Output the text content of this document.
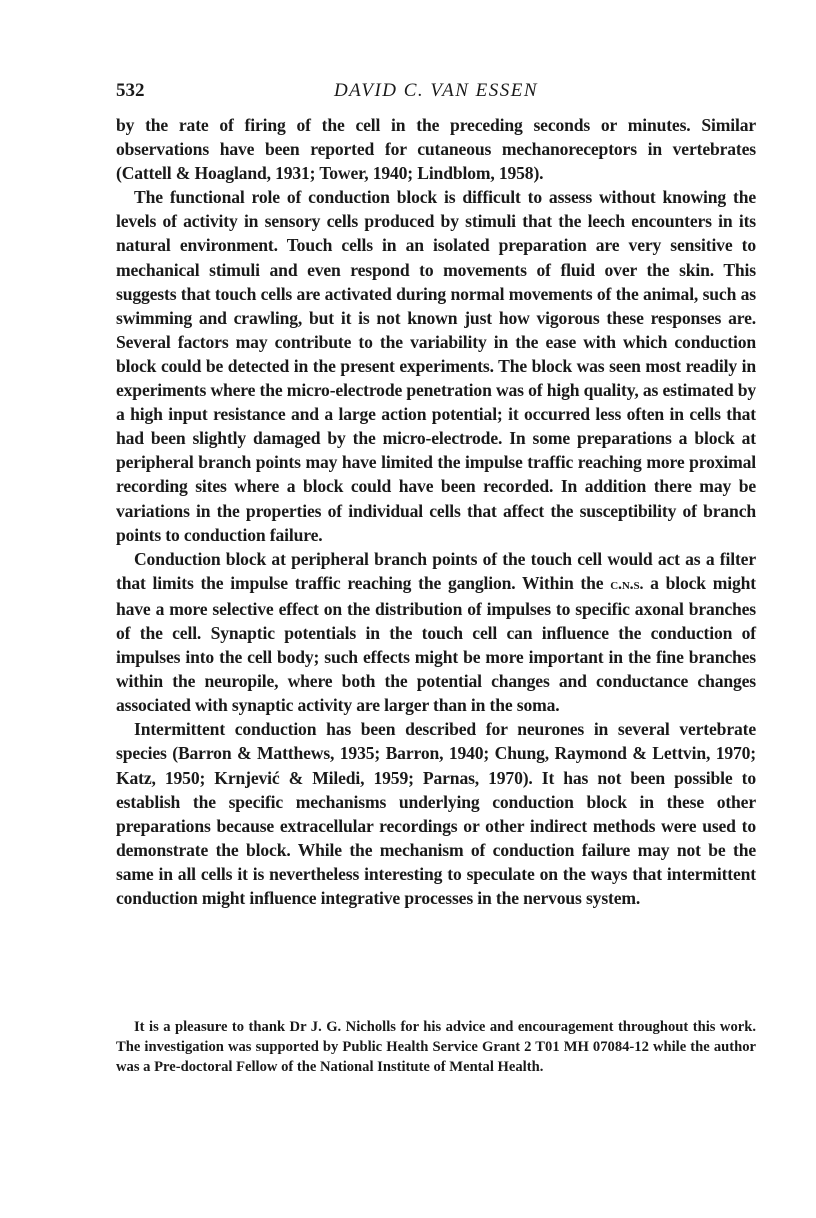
532	DAVID C. VAN ESSEN

by the rate of firing of the cell in the preceding seconds or minutes. Similar observations have been reported for cutaneous mechanoreceptors in vertebrates (Cattell & Hoagland, 1931; Tower, 1940; Lindblom, 1958).

The functional role of conduction block is difficult to assess without knowing the levels of activity in sensory cells produced by stimuli that the leech encounters in its natural environment. Touch cells in an isolated preparation are very sensitive to mechanical stimuli and even respond to movements of fluid over the skin. This suggests that touch cells are activated during normal movements of the animal, such as swimming and crawling, but it is not known just how vigorous these responses are. Several factors may contribute to the variability in the ease with which conduction block could be detected in the present experiments. The block was seen most readily in experiments where the micro-electrode penetration was of high quality, as estimated by a high input resistance and a large action potential; it occurred less often in cells that had been slightly damaged by the micro-electrode. In some preparations a block at peripheral branch points may have limited the impulse traffic reaching more proximal recording sites where a block could have been recorded. In addition there may be variations in the properties of individual cells that affect the susceptibility of branch points to conduction failure.

Conduction block at peripheral branch points of the touch cell would act as a filter that limits the impulse traffic reaching the ganglion. Within the c.n.s. a block might have a more selective effect on the distribution of impulses to specific axonal branches of the cell. Synaptic potentials in the touch cell can influence the conduction of impulses into the cell body; such effects might be more important in the fine branches within the neuropile, where both the potential changes and conductance changes associated with synaptic activity are larger than in the soma.

Intermittent conduction has been described for neurones in several vertebrate species (Barron & Matthews, 1935; Barron, 1940; Chung, Raymond & Lettvin, 1970; Katz, 1950; Krnjević & Miledi, 1959; Parnas, 1970). It has not been possible to establish the specific mechanisms underlying conduction block in these other preparations because extracellular recordings or other indirect methods were used to demonstrate the block. While the mechanism of conduction failure may not be the same in all cells it is nevertheless interesting to speculate on the ways that intermittent conduction might influence integrative processes in the nervous system.

It is a pleasure to thank Dr J. G. Nicholls for his advice and encouragement throughout this work. The investigation was supported by Public Health Service Grant 2 T01 MH 07084-12 while the author was a Pre-doctoral Fellow of the National Institute of Mental Health.
